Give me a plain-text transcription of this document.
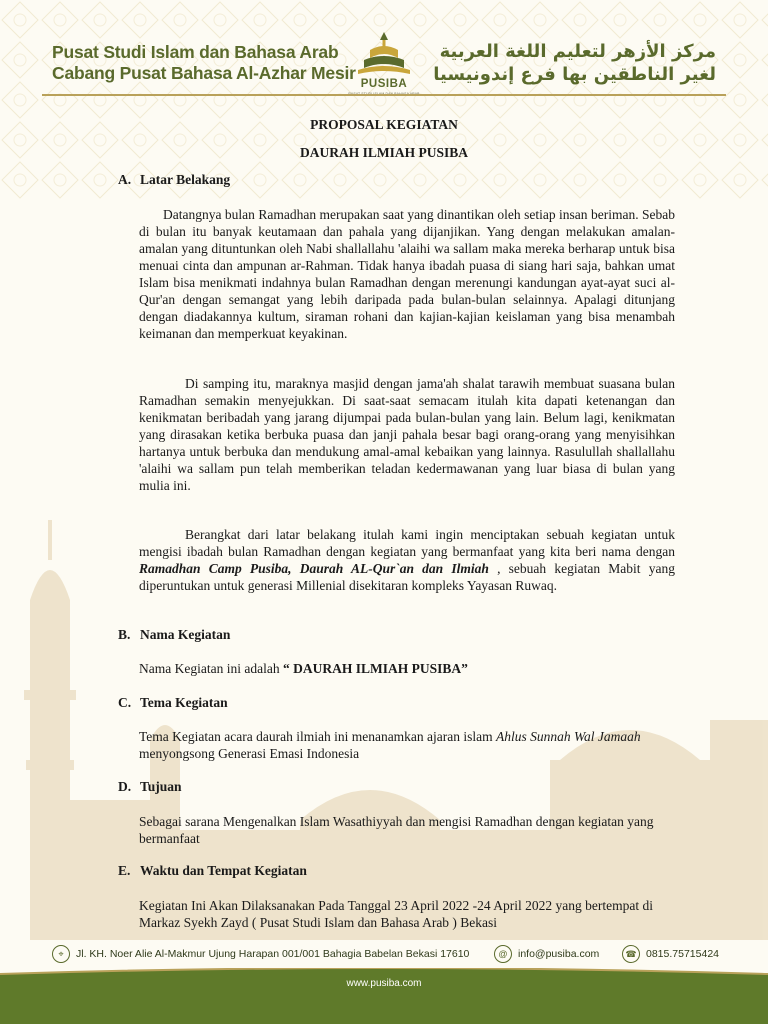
Pusat Studi Islam dan Bahasa Arab
Cabang Pusat Bahasa Al-Azhar Mesir
PUSIBA
مركز الأزهر لتعليم اللغة العربية
لغير الناطقين بها فرع إندونيسيا
PROPOSAL KEGIATAN
DAURAH ILMIAH PUSIBA
A. Latar Belakang

Datangnya bulan Ramadhan merupakan saat yang dinantikan oleh setiap insan beriman. Sebab di bulan itu banyak keutamaan dan pahala yang dijanjikan. Yang dengan melakukan amalan-amalan yang dituntunkan oleh Nabi shallallahu 'alaihi wa sallam maka mereka berharap untuk bisa menuai cinta dan ampunan ar-Rahman. Tidak hanya ibadah puasa di siang hari saja, bahkan umat Islam bisa menikmati indahnya bulan Ramadhan dengan merenungi kandungan ayat-ayat suci al-Qur'an dengan semangat yang lebih daripada pada bulan-bulan selainnya. Apalagi ditunjang dengan diadakannya kultum, siraman rohani dan kajian-kajian keislaman yang bisa menambah keimanan dan memperkuat keyakinan.

Di samping itu, maraknya masjid dengan jama'ah shalat tarawih membuat suasana bulan Ramadhan semakin menyejukkan. Di saat-saat semacam itulah kita dapati ketenangan dan kenikmatan beribadah yang jarang dijumpai pada bulan-bulan yang lain. Belum lagi, kenikmatan yang dirasakan ketika berbuka puasa dan janji pahala besar bagi orang-orang yang menyisihkan hartanya untuk berbuka dan mendukung amal-amal kebaikan yang lainnya. Rasulullah shallallahu 'alaihi wa sallam pun telah memberikan teladan kedermawanan yang luar biasa di bulan yang mulia ini.

Berangkat dari latar belakang itulah kami ingin menciptakan sebuah kegiatan untuk mengisi ibadah bulan Ramadhan dengan kegiatan yang bermanfaat yang kita beri nama dengan Ramadhan Camp Pusiba, Daurah AL-Qur`an dan Ilmiah , sebuah kegiatan Mabit yang diperuntukan untuk generasi Millenial disekitaran kompleks Yayasan Ruwaq.

B. Nama Kegiatan

Nama Kegiatan ini adalah “ DAURAH ILMIAH PUSIBA”

C. Tema Kegiatan

Tema Kegiatan acara daurah ilmiah ini menanamkan ajaran islam Ahlus Sunnah Wal Jamaah menyongsong Generasi Emasi Indonesia

D. Tujuan

Sebagai sarana Mengenalkan Islam Wasathiyyah dan mengisi Ramadhan dengan kegiatan yang bermanfaat

E. Waktu dan Tempat Kegiatan

Kegiatan Ini Akan Dilaksanakan Pada Tanggal 23 April 2022 -24 April 2022 yang bertempat di Markaz Syekh Zayd ( Pusat Studi Islam dan Bahasa Arab ) Bekasi

⌖	Jl. KH. Noer Alie Al-Makmur Ujung Harapan 001/001 Bahagia Babelan Bekasi 17610	@ info@pusiba.com	☎ 0815.75715424
www.pusiba.com
